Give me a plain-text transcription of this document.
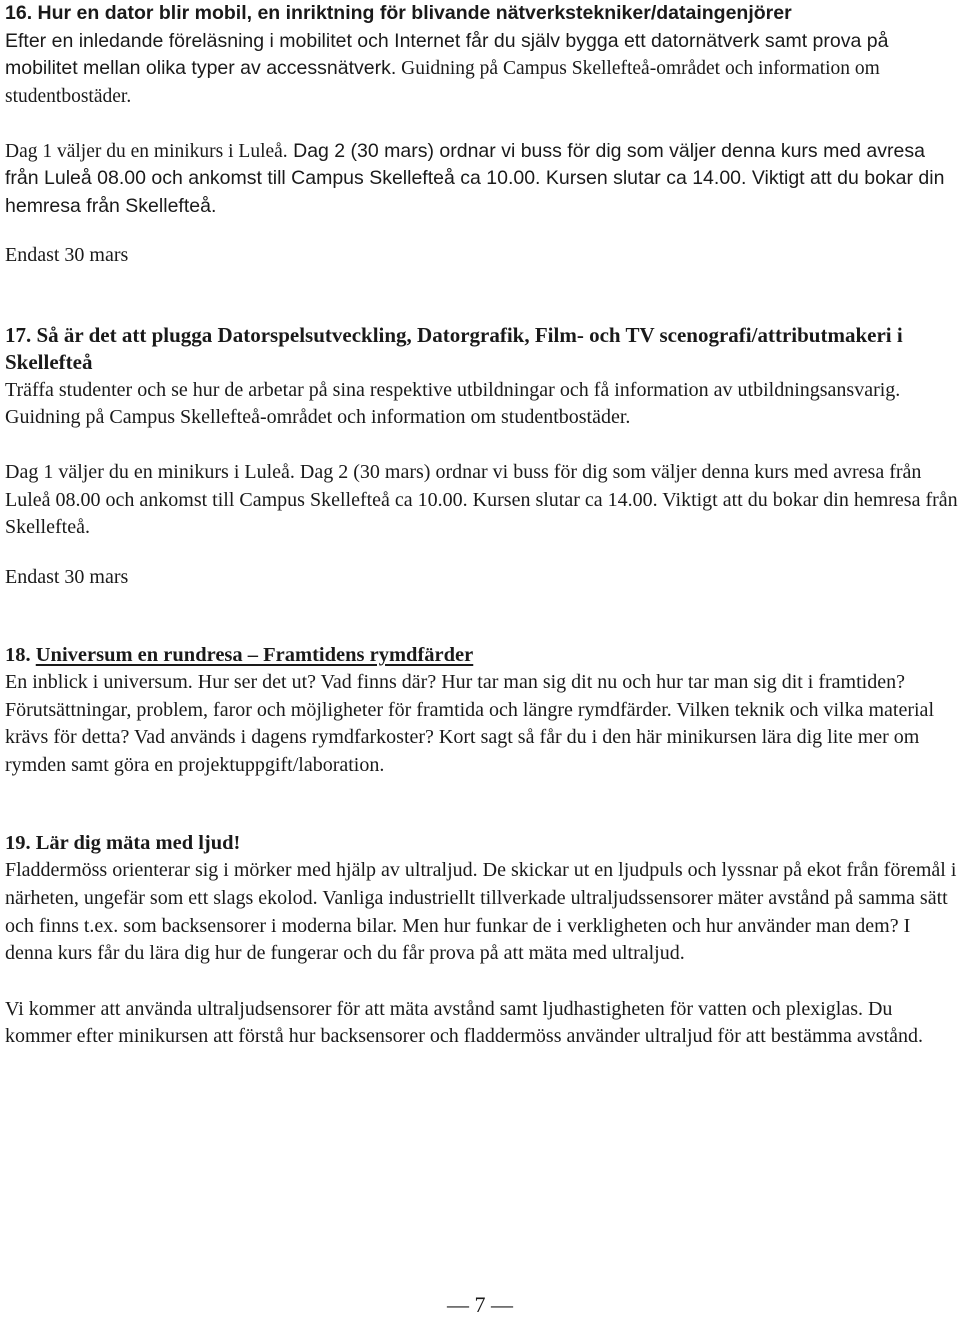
16. Hur en dator blir mobil, en inriktning för blivande nätverkstekniker/dataingenjörer

Efter en inledande föreläsning i mobilitet och Internet får du själv bygga ett datornätverk samt prova på mobilitet mellan olika typer av accessnätverk. Guidning på Campus Skellefteå-området och information om studentbostäder.

Dag 1 väljer du en minikurs i Luleå. Dag 2 (30 mars) ordnar vi buss för dig som väljer denna kurs med avresa från Luleå 08.00 och ankomst till Campus Skellefteå ca 10.00. Kursen slutar ca 14.00. Viktigt att du bokar din hemresa från Skellefteå.

Endast 30 mars
17. Så är det att plugga Datorspelsutveckling, Datorgrafik, Film- och TV scenografi/attributmakeri i Skellefteå

Träffa studenter och se hur de arbetar på sina respektive utbildningar och få information av utbildningsansvarig. Guidning på Campus Skellefteå-området och information om studentbostäder.

Dag 1 väljer du en minikurs i Luleå. Dag 2 (30 mars) ordnar vi buss för dig som väljer denna kurs med avresa från Luleå 08.00 och ankomst till Campus Skellefteå ca 10.00. Kursen slutar ca 14.00. Viktigt att du bokar din hemresa från Skellefteå.

Endast 30 mars
18. Universum en rundresa – Framtidens rymdfärder

En inblick i universum. Hur ser det ut? Vad finns där? Hur tar man sig dit nu och hur tar man sig dit i framtiden? Förutsättningar, problem, faror och möjligheter för framtida och längre rymdfärder. Vilken teknik och vilka material krävs för detta? Vad används i dagens rymdfarkoster? Kort sagt så får du i den här minikursen lära dig lite mer om rymden samt göra en projektuppgift/laboration.

19. Lär dig mäta med ljud!

Fladdermöss orienterar sig i mörker med hjälp av ultraljud. De skickar ut en ljudpuls och lyssnar på ekot från föremål i närheten, ungefär som ett slags ekolod. Vanliga industriellt tillverkade ultraljudssensorer mäter avstånd på samma sätt och finns t.ex. som backsensorer i moderna bilar. Men hur funkar de i verkligheten och hur använder man dem? I denna kurs får du lära dig hur de fungerar och du får prova på att mäta med ultraljud.

Vi kommer att använda ultraljudsensorer för att mäta avstånd samt ljudhastigheten för vatten och plexiglas. Du kommer efter minikursen att förstå hur backsensorer och fladdermöss använder ultraljud för att bestämma avstånd.

— 7 —
